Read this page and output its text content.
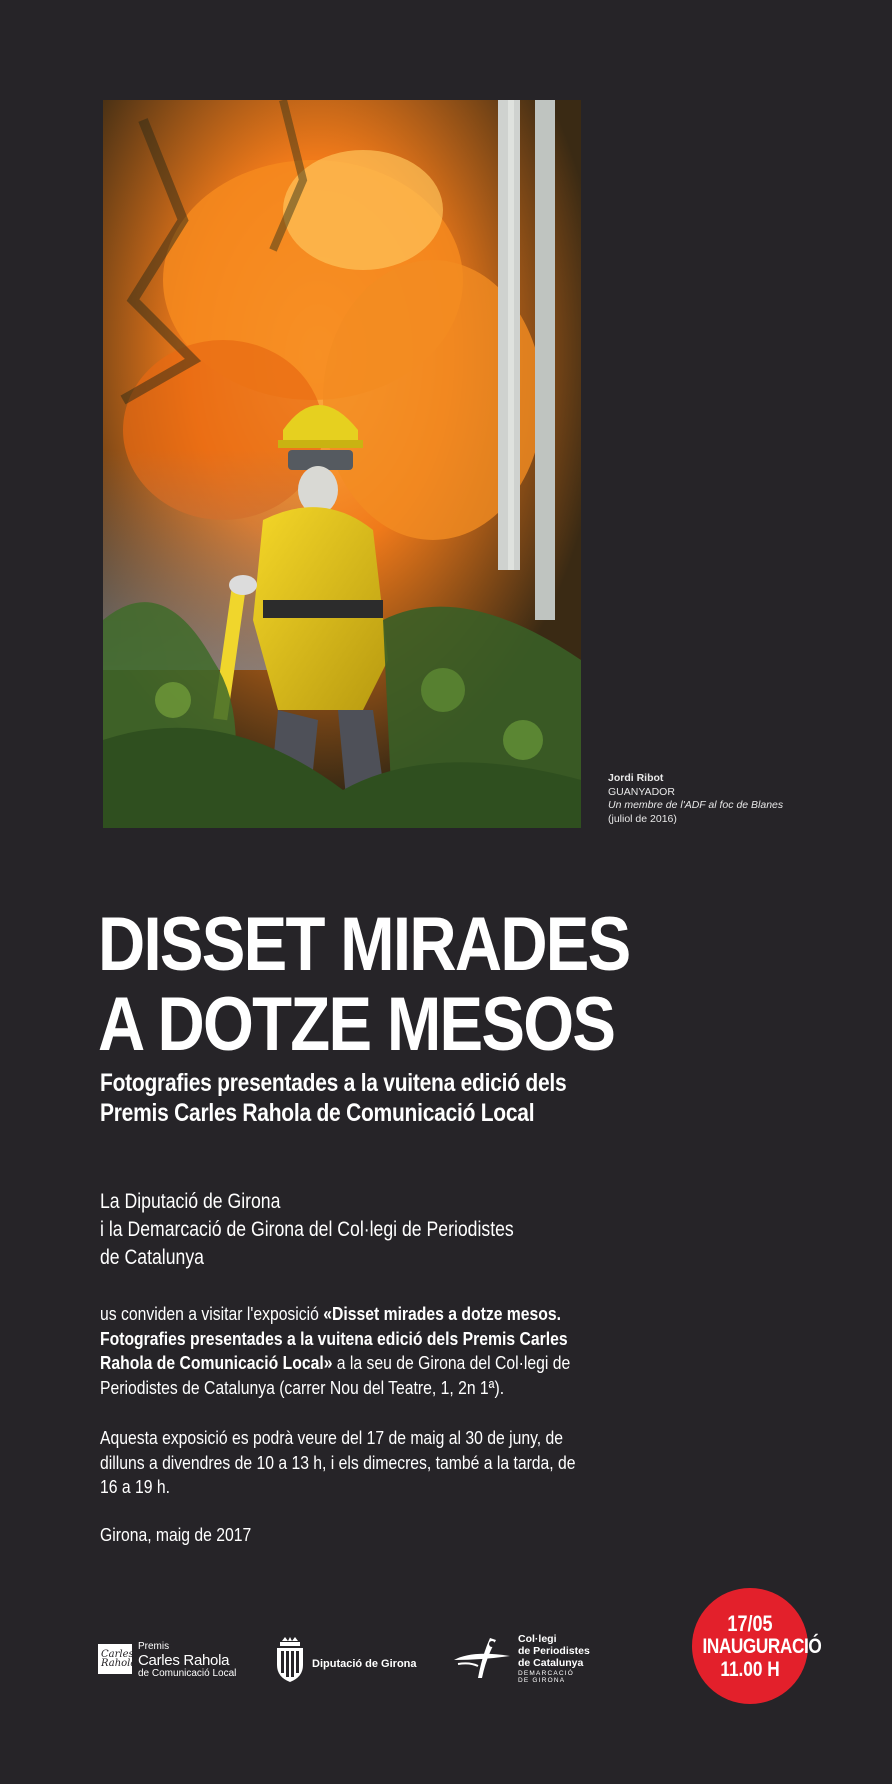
Jordi Ribot
GUANYADOR
Un membre de l'ADF al foc de Blanes
(juliol de 2016)
DISSET MIRADES
A DOTZE MESOS
Fotografies presentades a la vuitena edició dels
Premis Carles Rahola de Comunicació Local
La Diputació de Girona
i la Demarcació de Girona del Col·legi de Periodistes
de Catalunya
us conviden a visitar l'exposició «Disset mirades a dotze mesos.
Fotografies presentades a la vuitena edició dels Premis Carles
Rahola de Comunicació Local» a la seu de Girona del Col·legi de
Periodistes de Catalunya (carrer Nou del Teatre, 1, 2n 1ª).
Aquesta exposició es podrà veure del 17 de maig al 30 de juny, de
dilluns a divendres de 10 a 13 h, i els dimecres, també a la tarda, de
16 a 19 h.
Girona, maig de 2017
Carles Rahola
Premis
Carles Rahola
de Comunicació Local
Diputació de Girona
Col·legi
de Periodistes
de Catalunya
DEMARCACIÓ DE GIRONA
17/05
INAUGURACIÓ
11.00 H
